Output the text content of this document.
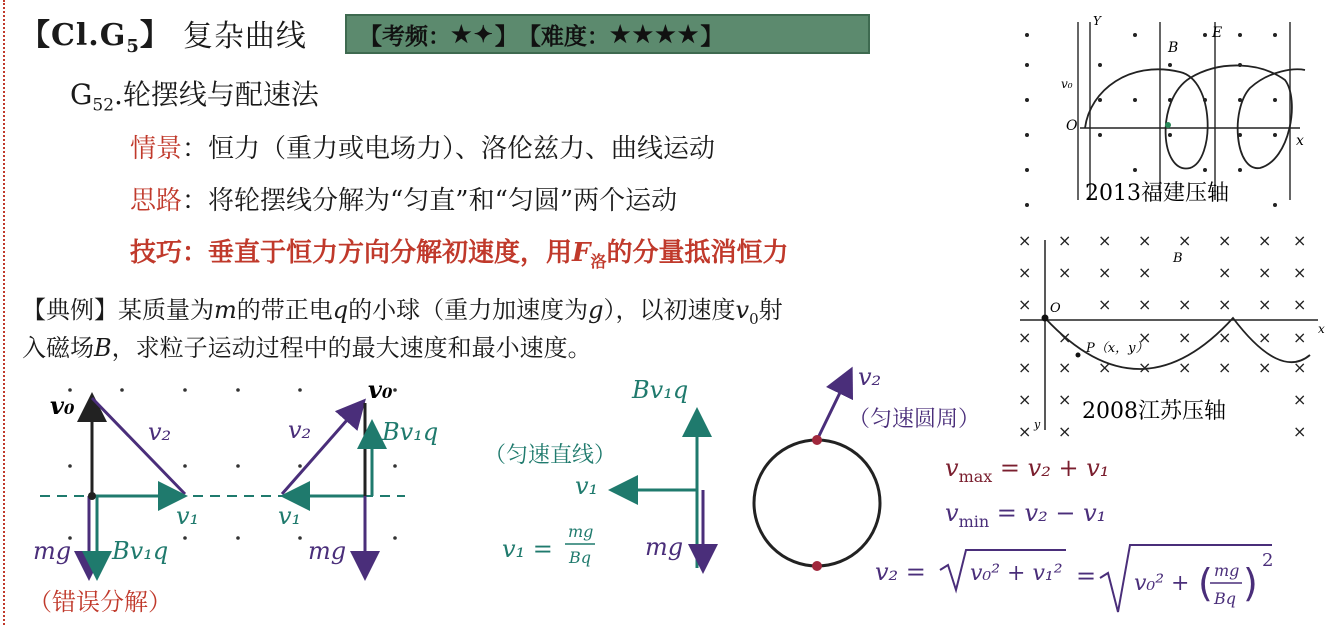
【$Cl.G_5$】 复杂曲线 【考频： ★✦ 】 【难度： ★★★★ 】
$G_{52}$.轮摆线与配速法
情景：恒力（重力或电场力）、洛伦兹力、曲线运动
思路：将轮摆线分解为“匀直”和“匀圆”两个运动
技巧：垂直于恒力方向分解初速度，用$F_洛$的分量抵消恒力
【典例】某质量为m的带正电q的小球（重力加速度为g），以初速度$v_0$射
入磁场B，求粒子运动过程中的最大速度和最小速度。
Y
B
E
v₀
O
x
2013福建压轴
× × × × × × × ×
× × × ×	× × ×
×	× × × × × ×
× ×	× × × × ×
× × × × × × × ×
× ×	×
× ×	×
B
O
x
P（x，y）
y
2008江苏压轴
v₀
v₂
v₁
mg Bv₁q
（错误分解）
v₀
v₂	Bv₁q
v₁
mg
Bv₁q
（匀速直线）
v₁
mg
v₁ =
mg
Bq
v₂
（匀速圆周）
$v_{max} = v_2 + v_1$
$v_{min} = v_2 - v_1$
v₂ = v₀² + v₁² = v₀² + ( mg
Bq )
2
